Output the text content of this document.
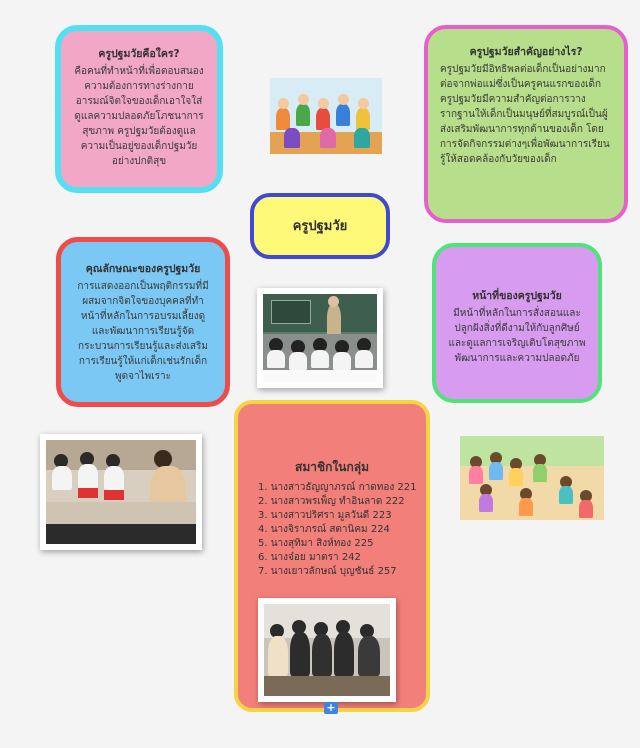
ครูปฐมวัยคือใคร?

คือคนที่ทำหน้าที่เพื่อตอบสนองความต้องการทางร่างกายอารมณ์จิตใจของเด็กเอาใจใส่ดูแลความปลอดภัยโภชนาการ สุขภาพ ครูปฐมวัยต้องดูแลความเป็นอยู่ของเด็กปฐมวัยอย่างปกติสุข

ครูปฐมวัยสำคัญอย่างไร?

ครูปฐมวัยมีอิทธิพลต่อเด็กเป็นอย่างมากต่อจากพ่อแม่ซึ่งเป็นครูคนแรกของเด็กครูปฐมวัยมีความสำคัญต่อการวางรากฐานให้เด็กเป็นมนุษย์ที่สมบูรณ์เป็นผู้ส่งเสริมพัฒนาการทุกด้านของเด็ก โดยการจัดกิจกรรมต่างๆเพื่อพัฒนาการเรียนรู้ให้สอดคล้องกับวัยของเด็ก

ครูปฐมวัย
คุณลักษณะของครูปฐมวัย

การแสดงออกเป็นพฤติกรรมที่มีผสมจากจิตใจของบุคคลที่ทำหน้าที่หลักในการอบรมเลี้ยงดูและพัฒนาการเรียนรู้จัดกระบวนการเรียนรู้และส่งเสริมการเรียนรู้ให้แก่เด็กเช่นรักเด็กพูดจาไพเราะ

หน้าที่ของครูปฐมวัย

มีหน้าที่หลักในการสั่งสอนและปลูกฝังสิ่งที่ดีงามให้กับลูกศิษย์และดูแลการเจริญเติบโตสุขภาพพัฒนาการและความปลอดภัย

สมาชิกในกลุ่ม
1. นางสาวธัญญาภรณ์ กาดทอง 221
2. นางสาวพรเพ็ญ ทำอินลาด 222
3. นางสาวปริศรา มูลวันดี 223
4. นางจิราภรณ์ สตานิคม 224
5. นางสุทิมา สิงห์ทอง 225
6. นางจ๋อย มาตรา 242
7. นางเยาวลักษณ์ บุญชันธ์ 257
+
